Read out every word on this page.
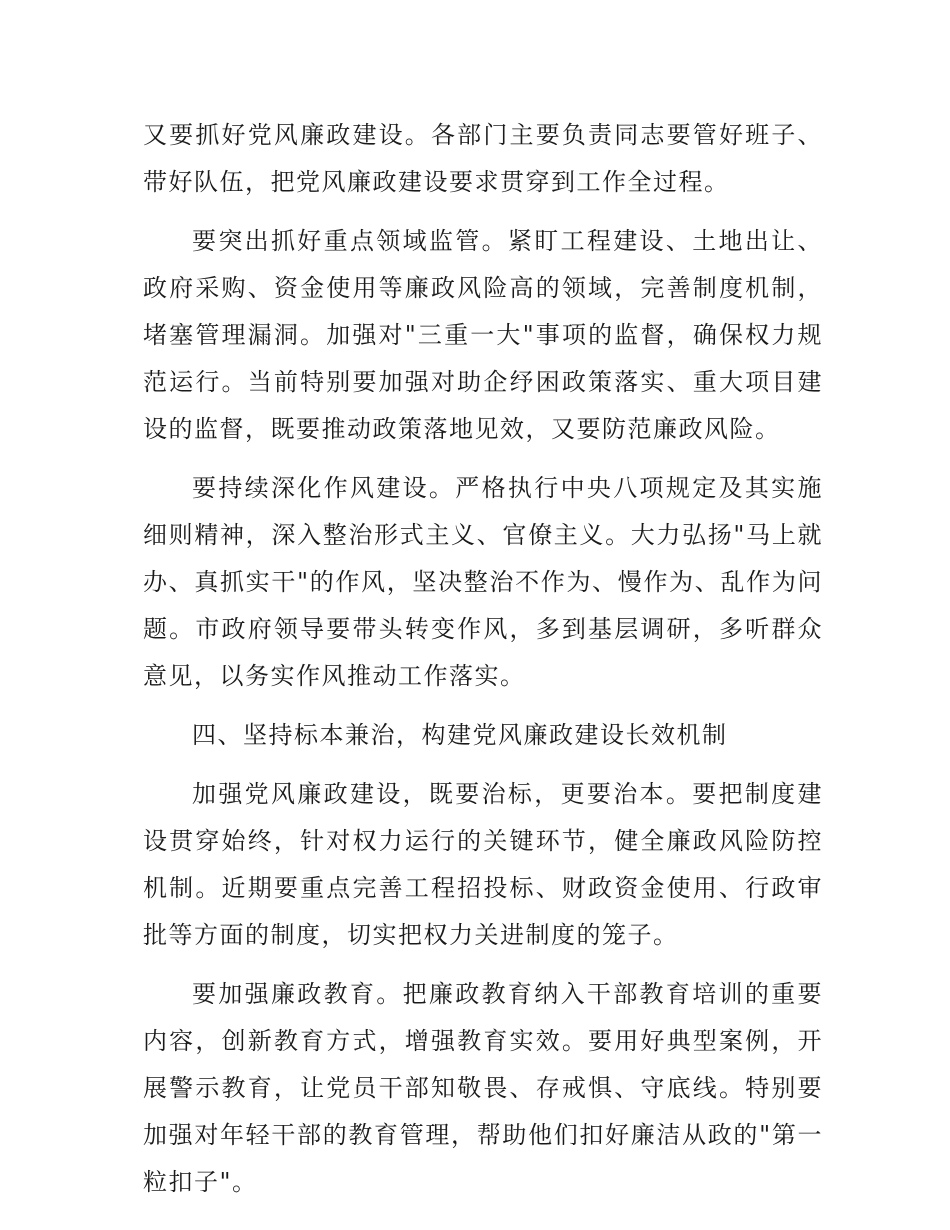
又要抓好党风廉政建设。各部门主要负责同志要管好班子、带好队伍，把党风廉政建设要求贯穿到工作全过程。

要突出抓好重点领域监管。紧盯工程建设、土地出让、政府采购、资金使用等廉政风险高的领域，完善制度机制，堵塞管理漏洞。加强对"三重一大"事项的监督，确保权力规范运行。当前特别要加强对助企纾困政策落实、重大项目建设的监督，既要推动政策落地见效，又要防范廉政风险。

要持续深化作风建设。严格执行中央八项规定及其实施细则精神，深入整治形式主义、官僚主义。大力弘扬"马上就办、真抓实干"的作风，坚决整治不作为、慢作为、乱作为问题。市政府领导要带头转变作风，多到基层调研，多听群众意见，以务实作风推动工作落实。

四、坚持标本兼治，构建党风廉政建设长效机制

加强党风廉政建设，既要治标，更要治本。要把制度建设贯穿始终，针对权力运行的关键环节，健全廉政风险防控机制。近期要重点完善工程招投标、财政资金使用、行政审批等方面的制度，切实把权力关进制度的笼子。

要加强廉政教育。把廉政教育纳入干部教育培训的重要内容，创新教育方式，增强教育实效。要用好典型案例，开展警示教育，让党员干部知敬畏、存戒惧、守底线。特别要加强对年轻干部的教育管理，帮助他们扣好廉洁从政的"第一粒扣子"。
